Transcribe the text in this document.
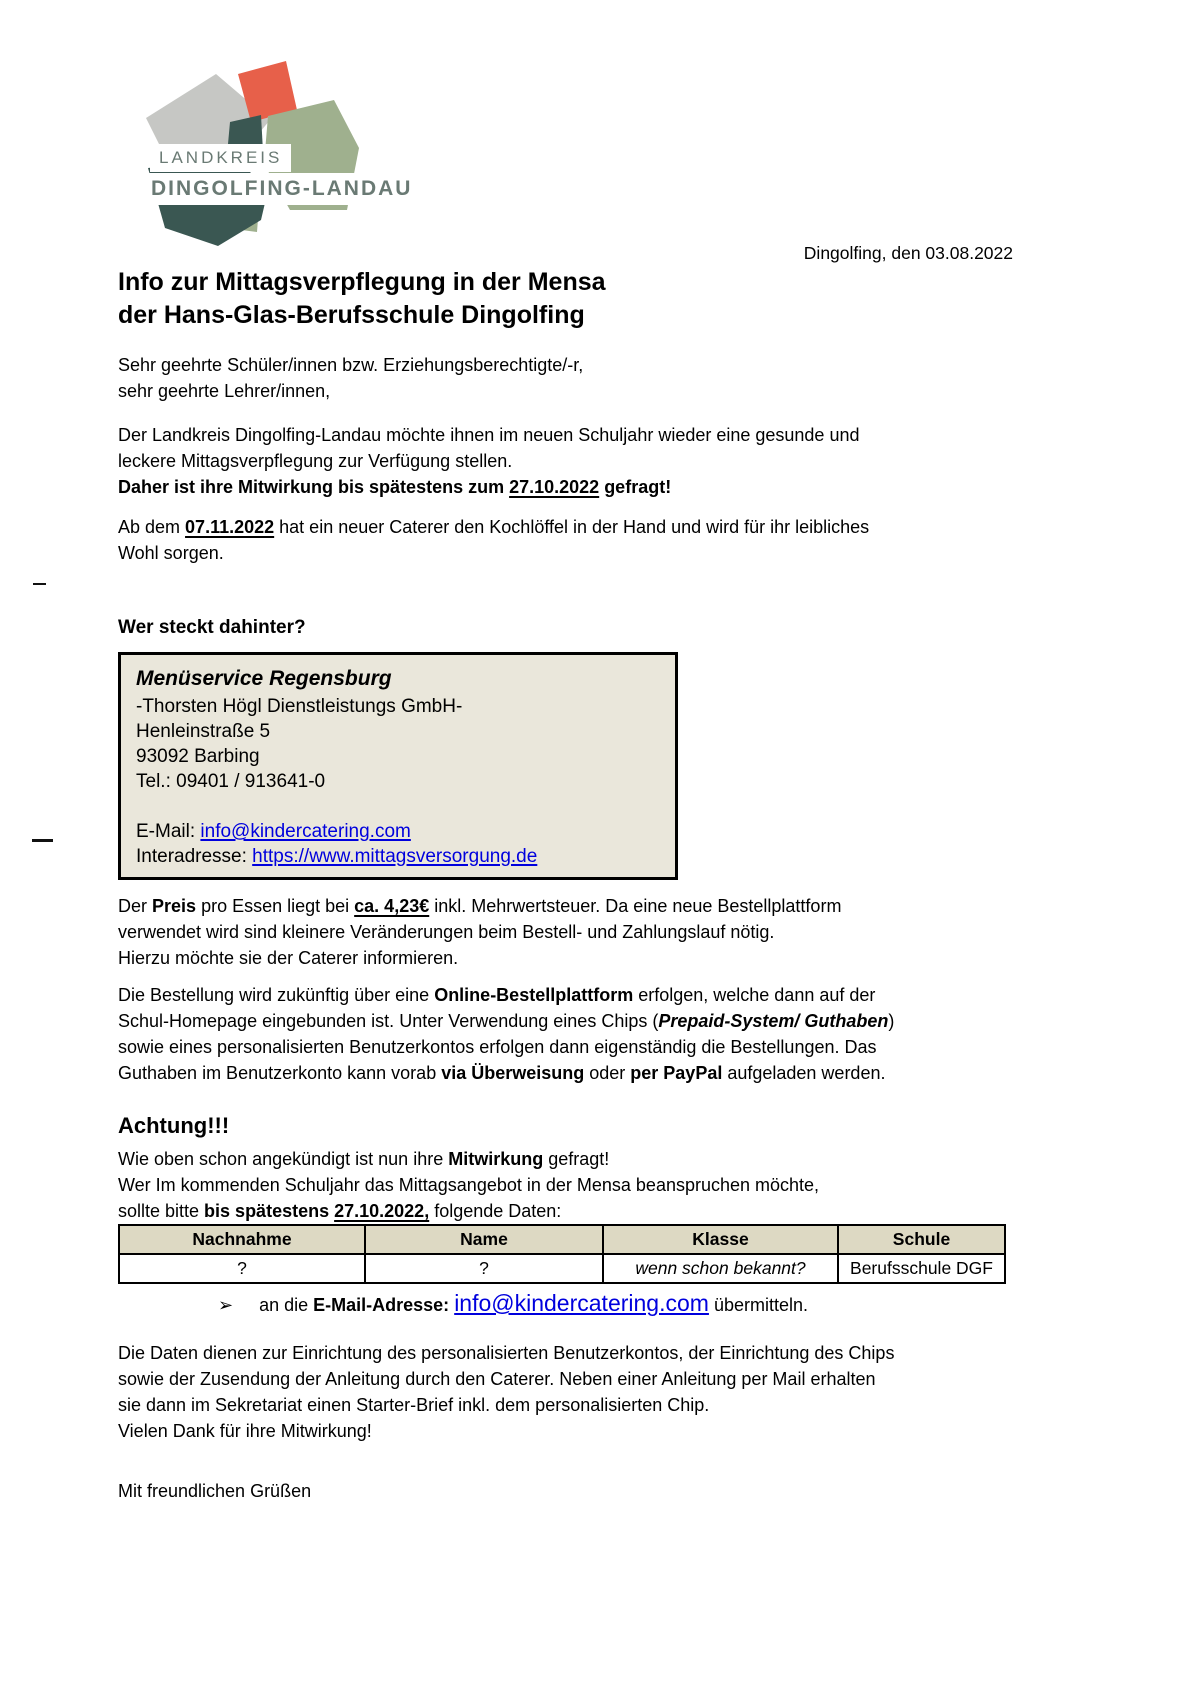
LANDKREIS
DINGOLFING-LANDAU
Dingolfing, den 03.08.2022
Info zur Mittagsverpflegung in der Mensa
der Hans-Glas-Berufsschule Dingolfing
Sehr geehrte Schüler/innen bzw. Erziehungsberechtigte/-r,
sehr geehrte Lehrer/innen,
Der Landkreis Dingolfing-Landau möchte ihnen im neuen Schuljahr wieder eine gesunde und
leckere Mittagsverpflegung zur Verfügung stellen.
Daher ist ihre Mitwirkung bis spätestens zum 27.10.2022 gefragt!
Ab dem 07.11.2022 hat ein neuer Caterer den Kochlöffel in der Hand und wird für ihr leibliches
Wohl sorgen.
Wer steckt dahinter?
Menüservice Regensburg
-Thorsten Högl Dienstleistungs GmbH-
Henleinstraße 5
93092 Barbing
Tel.: 09401 / 913641-0
E-Mail: info@kindercatering.com
Interadresse: https://www.mittagsversorgung.de
Der Preis pro Essen liegt bei ca. 4,23€ inkl. Mehrwertsteuer. Da eine neue Bestellplattform
verwendet wird sind kleinere Veränderungen beim Bestell- und Zahlungslauf nötig.
Hierzu möchte sie der Caterer informieren.
Die Bestellung wird zukünftig über eine Online-Bestellplattform erfolgen, welche dann auf der
Schul-Homepage eingebunden ist. Unter Verwendung eines Chips (Prepaid-System/ Guthaben)
sowie eines personalisierten Benutzerkontos erfolgen dann eigenständig die Bestellungen. Das
Guthaben im Benutzerkonto kann vorab via Überweisung oder per PayPal aufgeladen werden.
Achtung!!!
Wie oben schon angekündigt ist nun ihre Mitwirkung gefragt!
Wer Im kommenden Schuljahr das Mittagsangebot in der Mensa beanspruchen möchte,
sollte bitte bis spätestens 27.10.2022, folgende Daten:
Nachnahme	Name	Klasse	Schule
?	?	wenn schon bekannt?	Berufsschule DGF
➢ an die E-Mail-Adresse: info@kindercatering.com übermitteln.
Die Daten dienen zur Einrichtung des personalisierten Benutzerkontos, der Einrichtung des Chips
sowie der Zusendung der Anleitung durch den Caterer. Neben einer Anleitung per Mail erhalten
sie dann im Sekretariat einen Starter-Brief inkl. dem personalisierten Chip.
Vielen Dank für ihre Mitwirkung!
Mit freundlichen Grüßen
